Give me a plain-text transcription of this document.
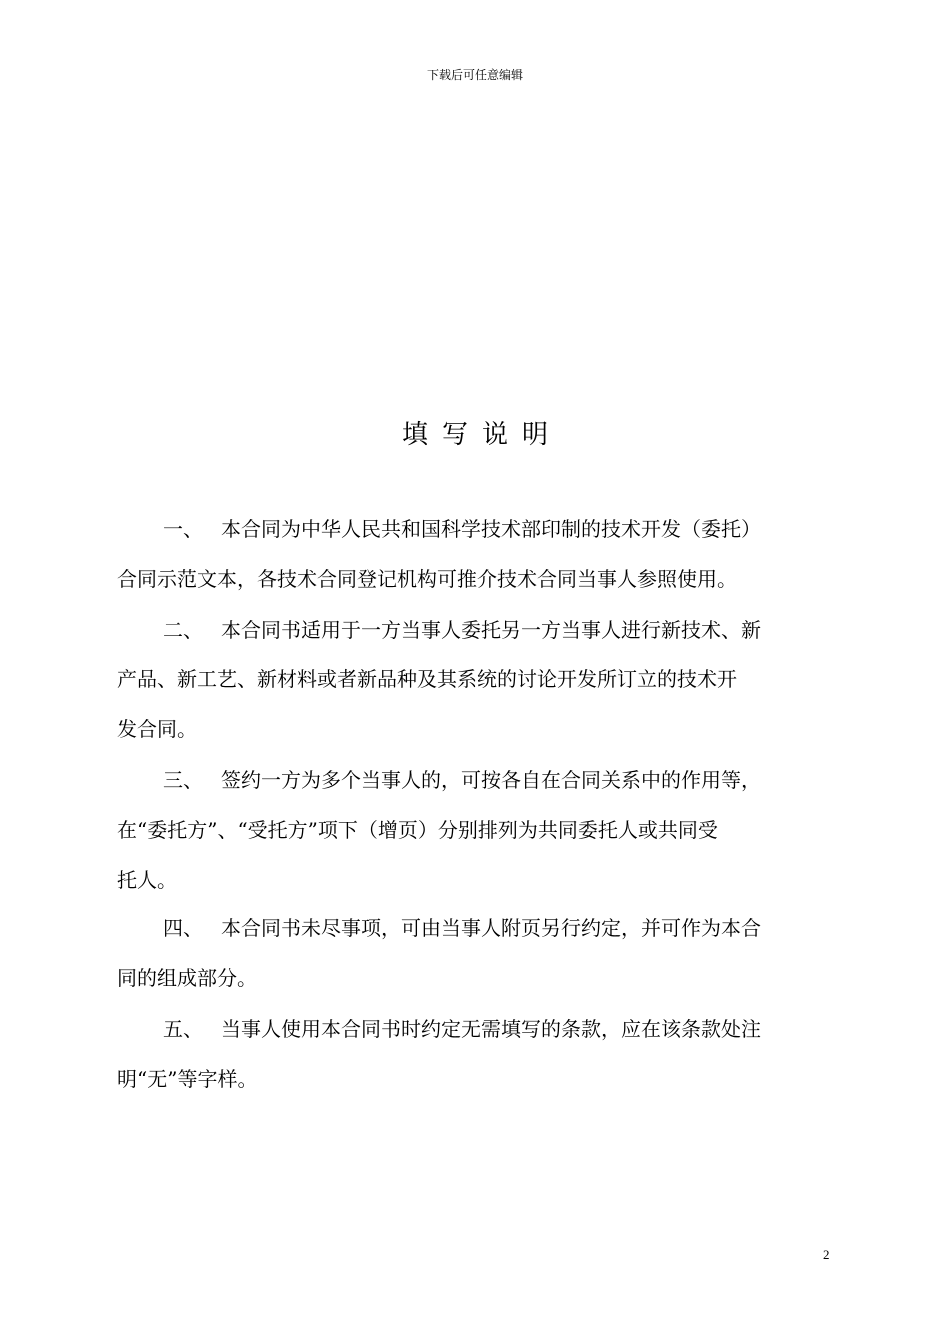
下载后可任意编辑
填写说明
一、 本合同为中华人民共和国科学技术部印制的技术开发（委托）
合同示范文本，各技术合同登记机构可推介技术合同当事人参照使用。
二、 本合同书适用于一方当事人委托另一方当事人进行新技术、新
产品、新工艺、新材料或者新品种及其系统的讨论开发所订立的技术开
发合同。
三、 签约一方为多个当事人的，可按各自在合同关系中的作用等，
在“委托方”、“受托方”项下（增页）分别排列为共同委托人或共同受
托人。
四、 本合同书未尽事项，可由当事人附页另行约定，并可作为本合
同的组成部分。
五、 当事人使用本合同书时约定无需填写的条款，应在该条款处注
明“无”等字样。
2
